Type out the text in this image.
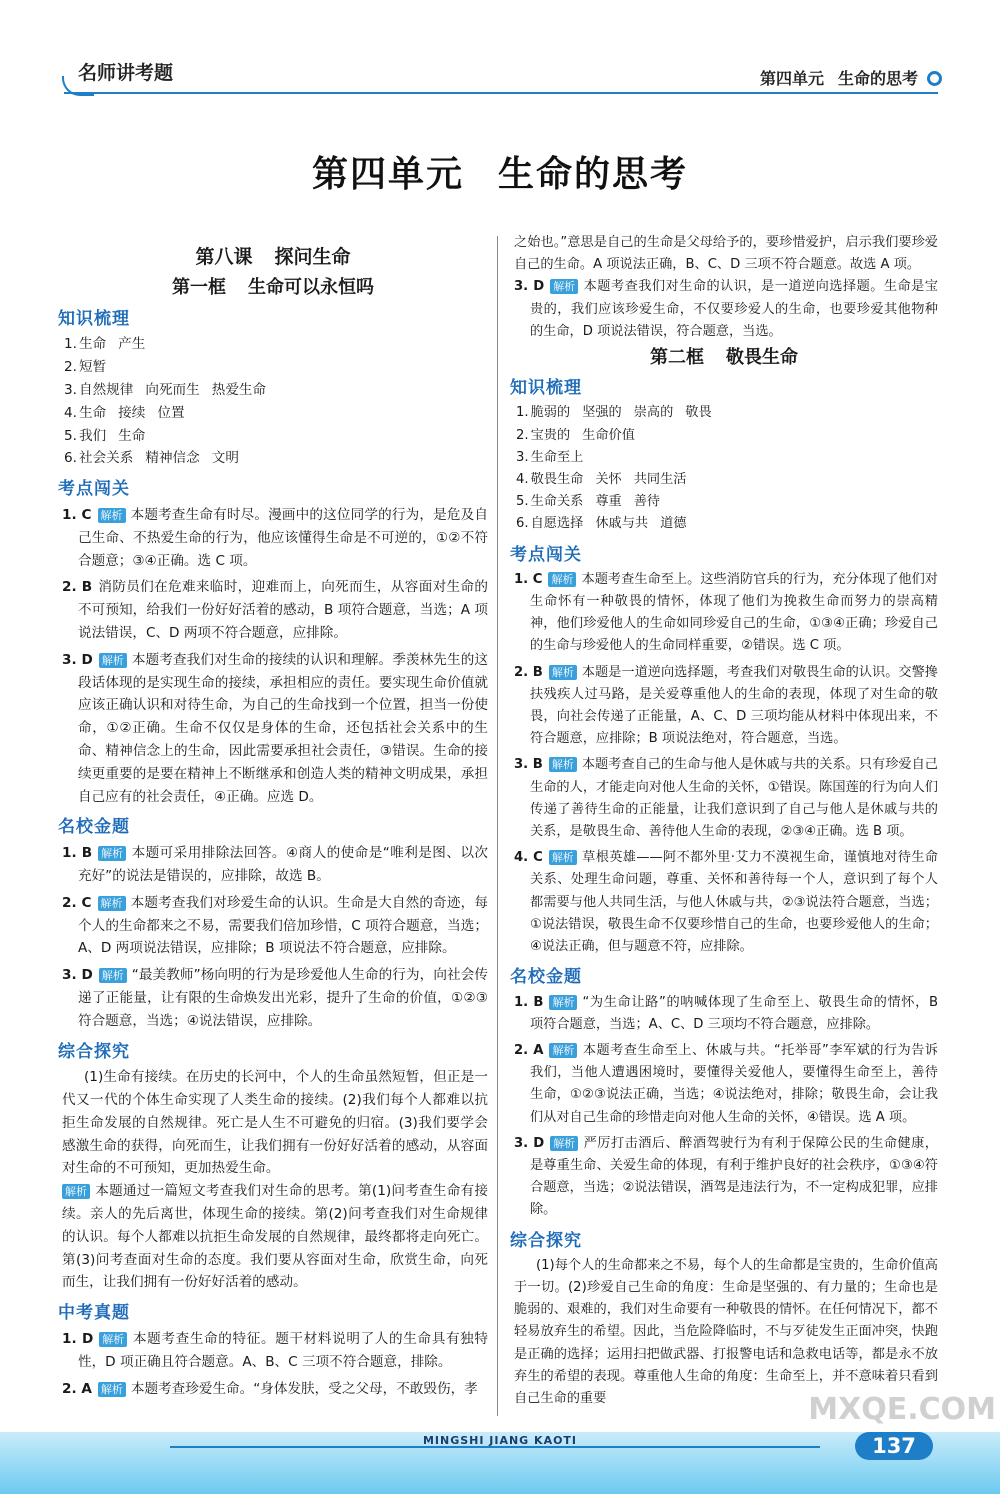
名师讲考题	第四单元 生命的思考
第四单元 生命的思考
第八课 探问生命
第一框 生命可以永恒吗
知识梳理

1. 生命 产生

2. 短暂

3. 自然规律 向死而生 热爱生命

4. 生命 接续 位置

5. 我们 生命

6. 社会关系 精神信念 文明

考点闯关

1. C 解析 本题考查生命有时尽。漫画中的这位同学的行为，是危及自己生命、不热爱生命的行为，他应该懂得生命是不可逆的，①②不符合题意；③④正确。选 C 项。

2. B 消防员们在危难来临时，迎难而上，向死而生，从容面对生命的不可预知，给我们一份好好活着的感动，B 项符合题意，当选；A 项说法错误，C、D 两项不符合题意，应排除。

3. D 解析 本题考查我们对生命的接续的认识和理解。季羡林先生的这段话体现的是实现生命的接续，承担相应的责任。要实现生命价值就应该正确认识和对待生命，为自己的生命找到一个位置，担当一份使命，①②正确。生命不仅仅是身体的生命，还包括社会关系中的生命、精神信念上的生命，因此需要承担社会责任，③错误。生命的接续更重要的是要在精神上不断继承和创造人类的精神文明成果，承担自己应有的社会责任，④正确。应选 D。

名校金题

1. B 解析 本题可采用排除法回答。④商人的使命是“唯利是图、以次充好”的说法是错误的，应排除，故选 B。

2. C 解析 本题考查我们对珍爱生命的认识。生命是大自然的奇迹，每个人的生命都来之不易，需要我们倍加珍惜，C 项符合题意，当选；A、D 两项说法错误，应排除；B 项说法不符合题意，应排除。

3. D 解析 “最美教师”杨向明的行为是珍爱他人生命的行为，向社会传递了正能量，让有限的生命焕发出光彩，提升了生命的价值，①②③符合题意，当选；④说法错误，应排除。

综合探究

(1)生命有接续。在历史的长河中，个人的生命虽然短暂，但正是一代又一代的个体生命实现了人类生命的接续。(2)我们每个人都难以抗拒生命发展的自然规律。死亡是人生不可避免的归宿。(3)我们要学会感激生命的获得，向死而生，让我们拥有一份好好活着的感动，从容面对生命的不可预知，更加热爱生命。

解析 本题通过一篇短文考查我们对生命的思考。第(1)问考查生命有接续。亲人的先后离世，体现生命的接续。第(2)问考查我们对生命规律的认识。每个人都难以抗拒生命发展的自然规律，最终都将走向死亡。第(3)问考查面对生命的态度。我们要从容面对生命，欣赏生命，向死而生，让我们拥有一份好好活着的感动。

中考真题

1. D 解析 本题考查生命的特征。题干材料说明了人的生命具有独特性，D 项正确且符合题意。A、B、C 三项不符合题意，排除。

2. A 解析 本题考查珍爱生命。“身体发肤，受之父母，不敢毁伤，孝

之始也。”意思是自己的生命是父母给予的，要珍惜爱护，启示我们要珍爱自己的生命。A 项说法正确，B、C、D 三项不符合题意。故选 A 项。

3. D 解析 本题考查我们对生命的认识，是一道逆向选择题。生命是宝贵的，我们应该珍爱生命，不仅要珍爱人的生命，也要珍爱其他物种的生命，D 项说法错误，符合题意，当选。

第二框 敬畏生命
知识梳理

1. 脆弱的 坚强的 崇高的 敬畏

2. 宝贵的 生命价值

3. 生命至上

4. 敬畏生命 关怀 共同生活

5. 生命关系 尊重 善待

6. 自愿选择 休戚与共 道德

考点闯关

1. C 解析 本题考查生命至上。这些消防官兵的行为，充分体现了他们对生命怀有一种敬畏的情怀，体现了他们为挽救生命而努力的崇高精神，他们珍爱他人的生命如同珍爱自己的生命，①③④正确；珍爱自己的生命与珍爱他人的生命同样重要，②错误。选 C 项。

2. B 解析 本题是一道逆向选择题，考查我们对敬畏生命的认识。交警搀扶残疾人过马路，是关爱尊重他人的生命的表现，体现了对生命的敬畏，向社会传递了正能量，A、C、D 三项均能从材料中体现出来，不符合题意，应排除；B 项说法绝对，符合题意，当选。

3. B 解析 本题考查自己的生命与他人是休戚与共的关系。只有珍爱自己生命的人，才能走向对他人生命的关怀，①错误。陈国莲的行为向人们传递了善待生命的正能量，让我们意识到了自己与他人是休戚与共的关系，是敬畏生命、善待他人生命的表现，②③④正确。选 B 项。

4. C 解析 草根英雄——阿不都外里·艾力不漠视生命，谨慎地对待生命关系、处理生命问题，尊重、关怀和善待每一个人，意识到了每个人都需要与他人共同生活，与他人休戚与共，②③说法符合题意，当选；①说法错误，敬畏生命不仅要珍惜自己的生命，也要珍爱他人的生命；④说法正确，但与题意不符，应排除。

名校金题

1. B 解析 “为生命让路”的呐喊体现了生命至上、敬畏生命的情怀，B 项符合题意，当选；A、C、D 三项均不符合题意，应排除。

2. A 解析 本题考查生命至上、休戚与共。“托举哥”李军斌的行为告诉我们，当他人遭遇困境时，要懂得关爱他人，要懂得生命至上，善待生命，①②③说法正确，当选；④说法绝对，排除；敬畏生命，会让我们从对自己生命的珍惜走向对他人生命的关怀，④错误。选 A 项。

3. D 解析 严厉打击酒后、醉酒驾驶行为有利于保障公民的生命健康，是尊重生命、关爱生命的体现，有利于维护良好的社会秩序，①③④符合题意，当选；②说法错误，酒驾是违法行为，不一定构成犯罪，应排除。

综合探究

(1)每个人的生命都来之不易，每个人的生命都是宝贵的，生命价值高于一切。(2)珍爱自己生命的角度：生命是坚强的、有力量的；生命也是脆弱的、艰难的，我们对生命要有一种敬畏的情怀。在任何情况下，都不轻易放弃生的希望。因此，当危险降临时，不与歹徒发生正面冲突，快跑是正确的选择；运用扫把做武器、打报警电话和急救电话等，都是永不放弃生的希望的表现。尊重他人生命的角度：生命至上，并不意味着只看到自己生命的重要

MINGSHI JIANG KAOTI
MXQE.COM
137
